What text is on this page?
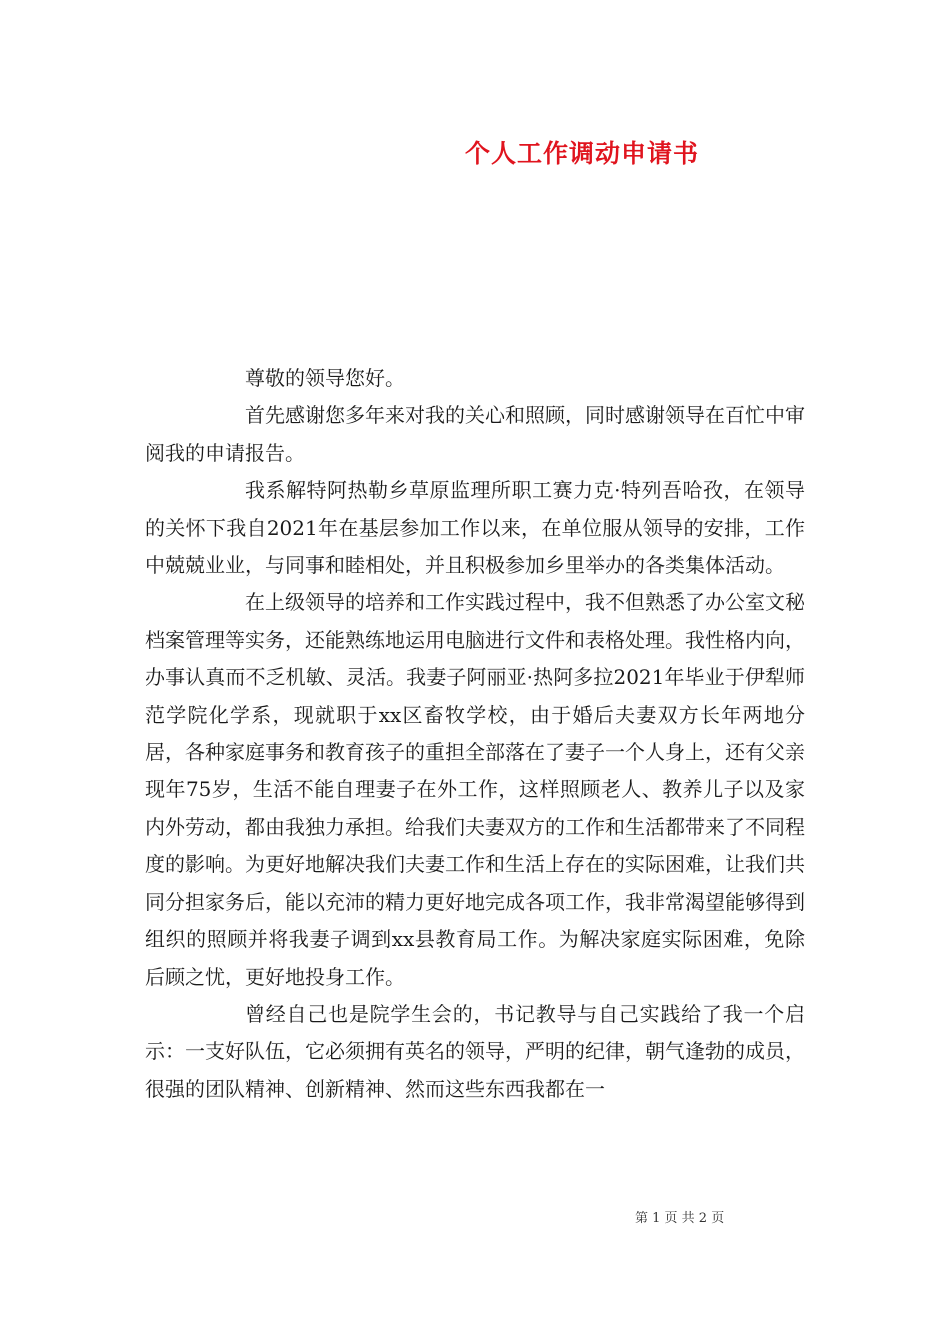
个人工作调动申请书

尊敬的领导您好。

首先感谢您多年来对我的关心和照顾，同时感谢领导在百忙中审阅我的申请报告。

我系解特阿热勒乡草原监理所职工赛力克·特列吾哈孜，在领导的关怀下我自2021年在基层参加工作以来，在单位服从领导的安排，工作中兢兢业业，与同事和睦相处，并且积极参加乡里举办的各类集体活动。

在上级领导的培养和工作实践过程中，我不但熟悉了办公室文秘档案管理等实务，还能熟练地运用电脑进行文件和表格处理。我性格内向，办事认真而不乏机敏、灵活。我妻子阿丽亚·热阿多拉2021年毕业于伊犁师范学院化学系，现就职于xx区畜牧学校，由于婚后夫妻双方长年两地分居，各种家庭事务和教育孩子的重担全部落在了妻子一个人身上，还有父亲现年75岁，生活不能自理妻子在外工作，这样照顾老人、教养儿子以及家内外劳动，都由我独力承担。给我们夫妻双方的工作和生活都带来了不同程度的影响。为更好地解决我们夫妻工作和生活上存在的实际困难，让我们共同分担家务后，能以充沛的精力更好地完成各项工作，我非常渴望能够得到组织的照顾并将我妻子调到xx县教育局工作。为解决家庭实际困难，免除后顾之忧，更好地投身工作。

曾经自己也是院学生会的，书记教导与自己实践给了我一个启示：一支好队伍，它必须拥有英名的领导，严明的纪律，朝气逢勃的成员，很强的团队精神、创新精神、然而这些东西我都在一

第 1 页 共 2 页
